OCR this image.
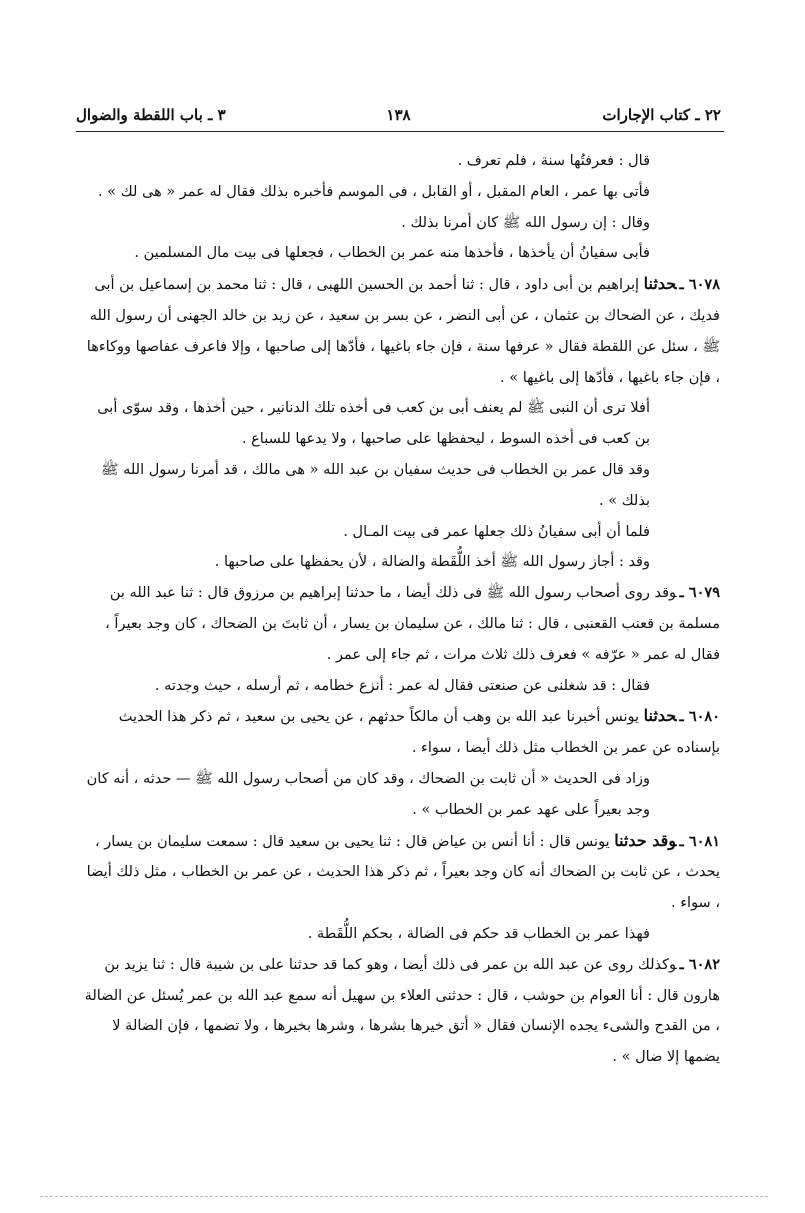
٢٢ ـ كتاب الإجارات
١٣٨
٣ ـ باب اللقطة والضوال
قال : فعرفتُها سنة ، فلم تعرف .
فأتى بها عمر ، العام المقبل ، أو القابل ، فى الموسم فأخبره بذلك فقال له عمر « هى لك » .
وقال : إن رسول الله ﷺ كان أمرنا بذلك .
فأبى سفيانُ أن يأخذها ، فأخذها منه عمر بن الخطاب ، فجعلها فى بيت مال المسلمين .
٦٠٧٨ ـحدثنا إبراهيم بن أبى داود ، قال : ثنا أحمد بن الحسين اللهبى ، قال : ثنا محمد بن إسماعيل بن أبى فديك ، عن الضحاك بن عثمان ، عن أبى النضر ، عن بسر بن سعيد ، عن زيد بن خالد الجهنى أن رسول الله ﷺ ، سئل عن اللقطة فقال « عرفها سنة ، فإن جاء باغيها ، فأدّها إلى صاحبها ، وإلا فاعرف عفاصها ووكاءها ، فإن جاء باغيها ، فأدّها إلى باغيها » .
أفلا ترى أن النبى ﷺ لم يعنف أبى بن كعب فى أخذه تلك الدنانير ، حين أخذها ، وقد سوّى أبى بن كعب فى أخذه السوط ، ليحفظها على صاحبها ، ولا يدعها للسباع .
وقد قال عمر بن الخطاب فى حديث سفيان بن عبد الله « هى مالك ، قد أمرنا رسول الله ﷺ بذلك » .
فلما أن أبى سفيانُ ذلك جعلها عمر فى بيت المـال .
وقد : أجاز رسول الله ﷺ أخذ اللُّقَطة والضالة ، لأن يحفظها على صاحبها .
٦٠٧٩ ـوقد روى أصحاب رسول الله ﷺ فى ذلك أيضا ، ما حدثنا إبراهيم بن مرزوق قال : ثنا عبد الله بن مسلمة بن قعنب القعنبى ، قال : ثنا مالك ، عن سليمان بن يسار ، أن ثابتَ بن الضحاك ، كان وجد بعيراً ، فقال له عمر « عرّفه » فعرف ذلك ثلاث مرات ، ثم جاء إلى عمر .
فقال : قد شغلنى عن صنعتى فقال له عمر : أنزع خطامه ، ثم أرسله ، حيث وجدته .
٦٠٨٠ ـحدثنا يونس أخبرنا عبد الله بن وهب أن مالكاً حدثهم ، عن يحيى بن سعيد ، ثم ذكر هذا الحديث بإسناده عن عمر بن الخطاب مثل ذلك أيضا ، سواء .
وزاد فى الحديث « أن ثابت بن الضحاك ، وقد كان من أصحاب رسول الله ﷺ — حدثه ، أنه كان وجد بعيراً على عهد عمر بن الخطاب » .
٦٠٨١ ـوقد حدثنا يونس قال : أنا أنس بن عياض قال : ثنا يحيى بن سعيد قال : سمعت سليمان بن يسار ، يحدث ، عن ثابت بن الضحاك أنه كان وجد بعيراً ، ثم ذكر هذا الحديث ، عن عمر بن الخطاب ، مثل ذلك أيضا ، سواء .
فهذا عمر بن الخطاب قد حكم فى الضالة ، بحكم اللُّقَطة .
٦٠٨٢ ـوكذلك روى عن عبد الله بن عمر فى ذلك أيضا ، وهو كما قد حدثنا على بن شيبة قال : ثنا يزيد بن هارون قال : أنا العوام بن حوشب ، قال : حدثنى العلاء بن سهيل أنه سمع عبد الله بن عمر يُسئل عن الضالة ، من القدح والشىء يجده الإنسان فقال « أتق خيرها بشرها ، وشرها بخيرها ، ولا تضمها ، فإن الضالة لا يضمها إلا ضال » .
